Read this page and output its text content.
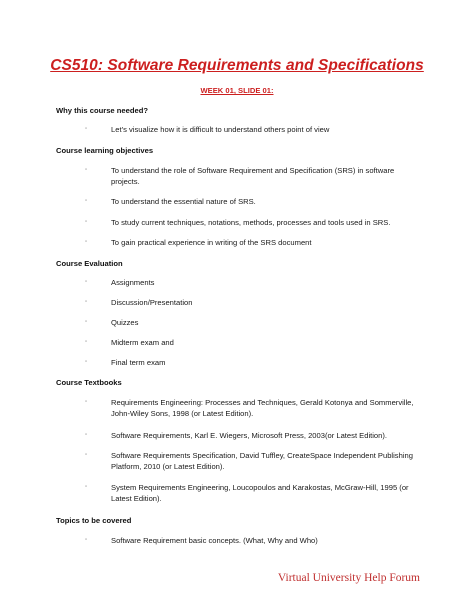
CS510: Software Requirements and Specifications
WEEK 01, SLIDE 01:
Why this course needed?
▫	Let’s visualize how it is difficult to understand others point of view
Course learning objectives
▫	To understand the role of Software Requirement and Specification (SRS) in software projects.
▫	To understand the essential nature of SRS.
▫	To study current techniques, notations, methods, processes and tools used in SRS.
▫	To gain practical experience in writing of the SRS document
Course Evaluation
▫	Assignments
▫	Discussion/Presentation
▫	Quizzes
▫	Midterm exam and
▫	Final term exam
Course Textbooks
▫	Requirements Engineering: Processes and Techniques, Gerald Kotonya and Sommerville, John-Wiley Sons, 1998 (or Latest Edition).
▫	Software Requirements, Karl E. Wiegers, Microsoft Press, 2003(or Latest Edition).
▫	Software Requirements Specification, David Tuffley, CreateSpace Independent Publishing Platform, 2010 (or Latest Edition).
▫	System Requirements Engineering, Loucopoulos and Karakostas, McGraw-Hill, 1995 (or Latest Edition).
Topics to be covered
▫	Software Requirement basic concepts. (What, Why and Who)
Virtual University Help Forum
